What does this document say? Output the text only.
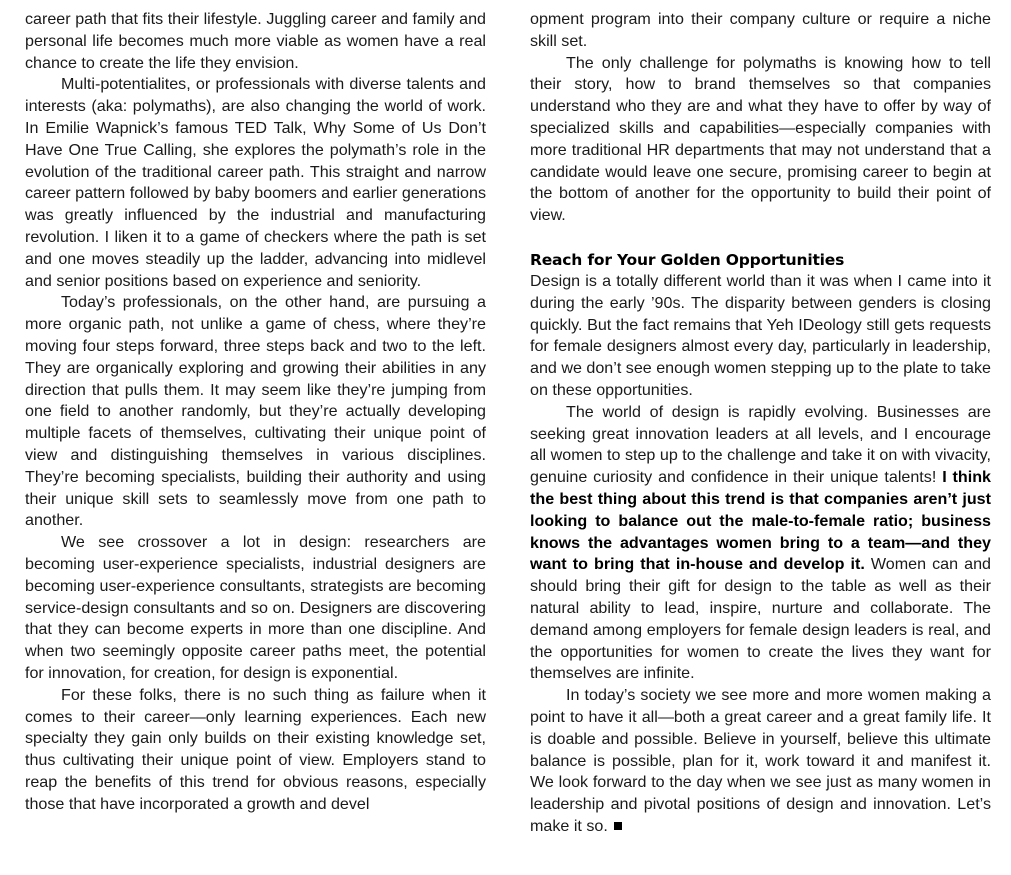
career path that fits their lifestyle. Juggling career and family and personal life becomes much more viable as women have a real chance to create the life they envision.

Multi-potentialites, or professionals with diverse talents and interests (aka: polymaths), are also changing the world of work. In Emilie Wapnick’s famous TED Talk, Why Some of Us Don’t Have One True Calling, she explores the polymath’s role in the evolution of the traditional career path. This straight and narrow career pattern followed by baby boomers and earlier generations was greatly influenced by the industrial and manufacturing revolution. I liken it to a game of checkers where the path is set and one moves steadily up the ladder, advancing into midlevel and senior positions based on experience and seniority.

Today’s professionals, on the other hand, are pursuing a more organic path, not unlike a game of chess, where they’re moving four steps forward, three steps back and two to the left. They are organically exploring and growing their abilities in any direction that pulls them. It may seem like they’re jumping from one field to another randomly, but they’re actually developing multiple facets of themselves, cultivating their unique point of view and distinguishing themselves in various disciplines. They’re becoming specialists, building their authority and using their unique skill sets to seamlessly move from one path to another.

We see crossover a lot in design: researchers are becoming user-experience specialists, industrial designers are becoming user-experience consultants, strategists are becoming service-design consultants and so on. Designers are discovering that they can become experts in more than one discipline. And when two seemingly opposite career paths meet, the potential for innovation, for creation, for design is exponential.

For these folks, there is no such thing as failure when it comes to their career—only learning experiences. Each new specialty they gain only builds on their existing knowledge set, thus cultivating their unique point of view. Employers stand to reap the benefits of this trend for obvious reasons, especially those that have incorporated a growth and devel

opment program into their company culture or require a niche skill set.

The only challenge for polymaths is knowing how to tell their story, how to brand themselves so that companies understand who they are and what they have to offer by way of specialized skills and capabilities—especially companies with more traditional HR departments that may not understand that a candidate would leave one secure, promising career to begin at the bottom of another for the opportunity to build their point of view.

Reach for Your Golden Opportunities

Design is a totally different world than it was when I came into it during the early ’90s. The disparity between genders is closing quickly. But the fact remains that Yeh IDeology still gets requests for female designers almost every day, particularly in leadership, and we don’t see enough women stepping up to the plate to take on these opportunities.

The world of design is rapidly evolving. Businesses are seeking great innovation leaders at all levels, and I encourage all women to step up to the challenge and take it on with vivacity, genuine curiosity and confidence in their unique talents! I think the best thing about this trend is that companies aren’t just looking to balance out the male-to-female ratio; business knows the advantages women bring to a team—and they want to bring that in-house and develop it. Women can and should bring their gift for design to the table as well as their natural ability to lead, inspire, nurture and collaborate. The demand among employers for female design leaders is real, and the opportunities for women to create the lives they want for themselves are infinite.

In today’s society we see more and more women making a point to have it all—both a great career and a great family life. It is doable and possible. Believe in yourself, believe this ultimate balance is possible, plan for it, work toward it and manifest it. We look forward to the day when we see just as many women in leadership and pivotal positions of design and innovation. Let’s make it so.
